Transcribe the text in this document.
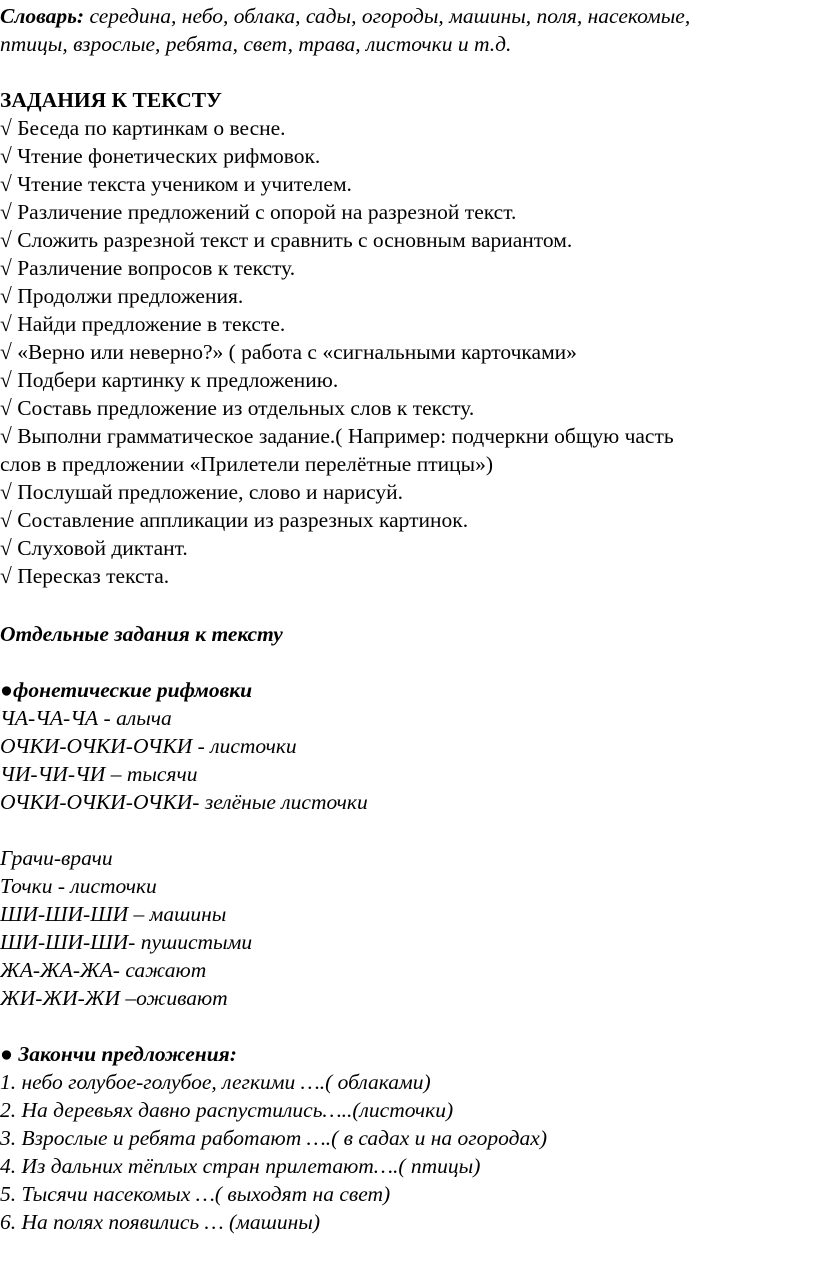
Словарь: середина, небо, облака, сады, огороды, машины, поля, насекомые,
птицы, взрослые, ребята, свет, трава, листочки и т.д.
ЗАДАНИЯ К ТЕКСТУ
√ Беседа по картинкам о весне.
√ Чтение фонетических рифмовок.
√ Чтение текста учеником и учителем.
√ Различение предложений с опорой на разрезной текст.
√ Сложить разрезной текст и сравнить с основным вариантом.
√ Различение вопросов к тексту.
√ Продолжи предложения.
√ Найди предложение в тексте.
√ «Верно или неверно?» ( работа с «сигнальными карточками»
√ Подбери картинку к предложению.
√ Составь предложение из отдельных слов к тексту.
√ Выполни грамматическое задание.( Например: подчеркни общую часть
слов в предложении «Прилетели перелётные птицы»)
√ Послушай предложение, слово и нарисуй.
√ Составление аппликации из разрезных картинок.
√ Слуховой диктант.
√ Пересказ текста.
Отдельные задания к тексту
●фонетические рифмовки
ЧА-ЧА-ЧА - алыча
ОЧКИ-ОЧКИ-ОЧКИ - листочки
ЧИ-ЧИ-ЧИ – тысячи
ОЧКИ-ОЧКИ-ОЧКИ- зелёные листочки
Грачи-врачи
Точки - листочки
ШИ-ШИ-ШИ – машины
ШИ-ШИ-ШИ- пушистыми
ЖА-ЖА-ЖА- сажают
ЖИ-ЖИ-ЖИ –оживают
● Закончи предложения:
1. небо голубое-голубое, легкими ….( облаками)
2. На деревьях давно распустились…..(листочки)
3. Взрослые и ребята работают ….( в садах и на огородах)
4. Из дальних тёплых стран прилетают….( птицы)
5. Тысячи насекомых …( выходят на свет)
6. На полях появились … (машины)
